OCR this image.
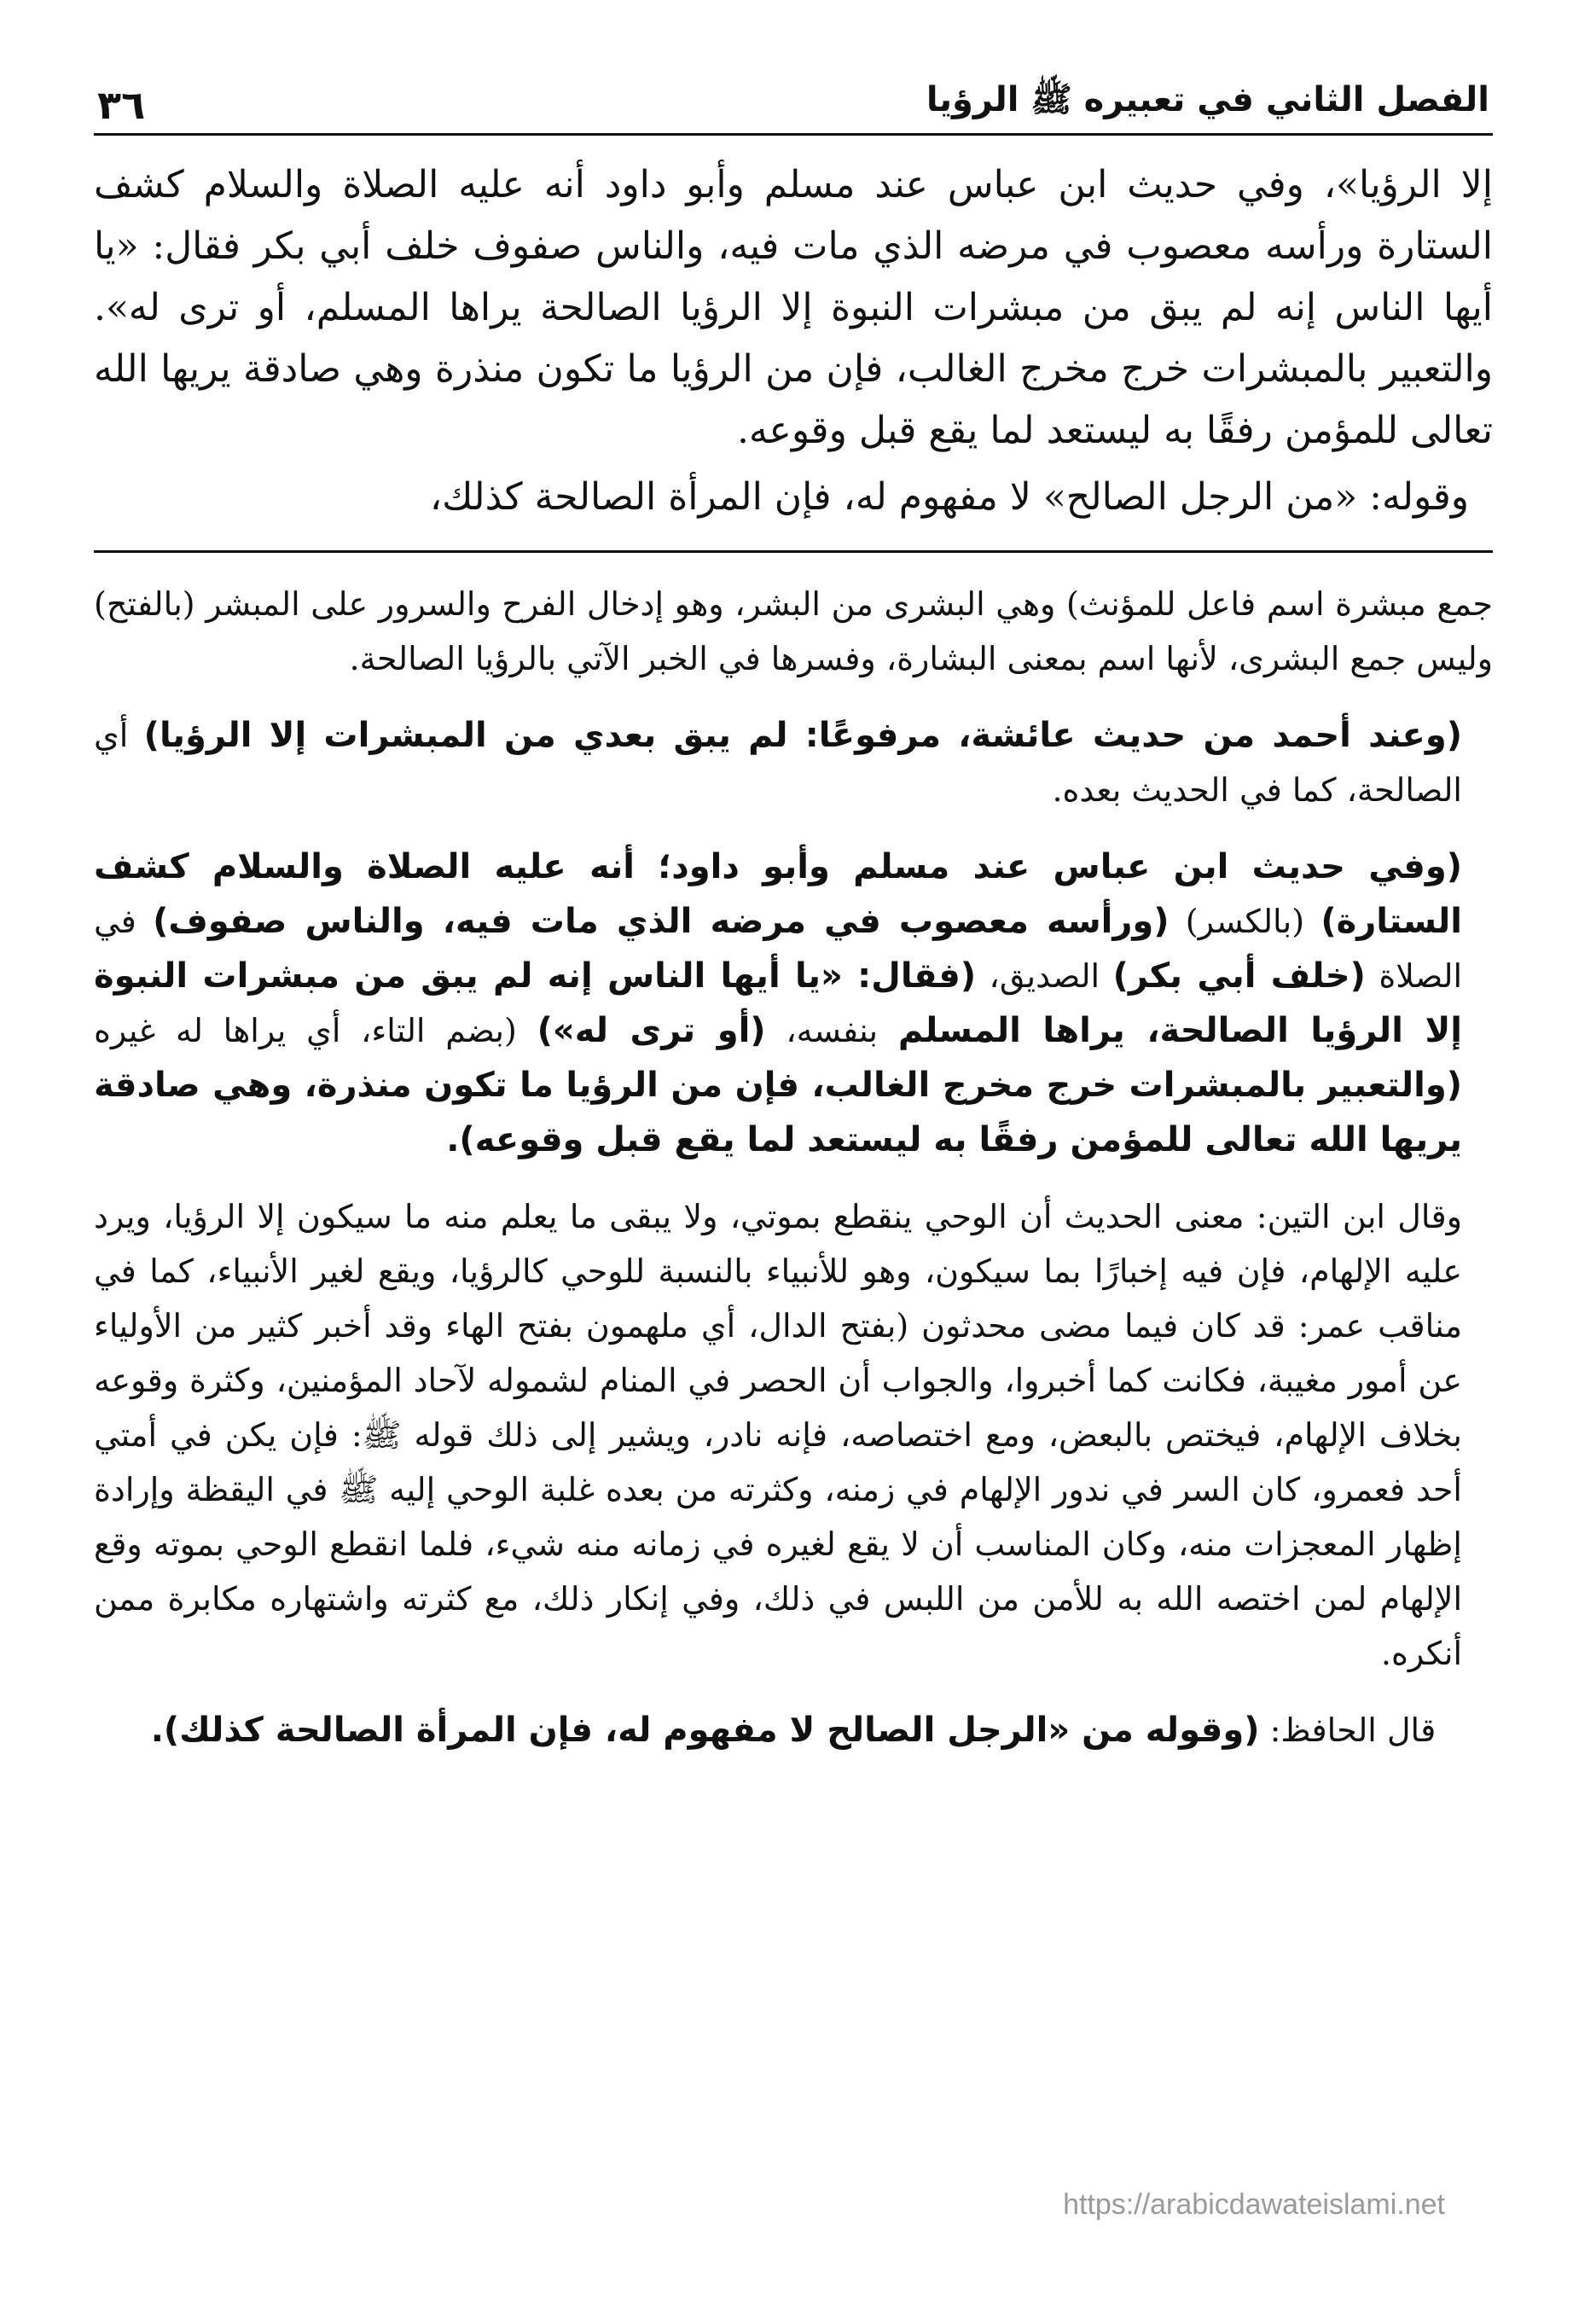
الفصل الثاني في تعبيره ﷺ الرؤيا
٣٦

إلا الرؤيا»، وفي حديث ابن عباس عند مسلم وأبو داود أنه عليه الصلاة والسلام كشف الستارة ورأسه معصوب في مرضه الذي مات فيه، والناس صفوف خلف أبي بكر فقال: «يا أيها الناس إنه لم يبق من مبشرات النبوة إلا الرؤيا الصالحة يراها المسلم، أو ترى له». والتعبير بالمبشرات خرج مخرج الغالب، فإن من الرؤيا ما تكون منذرة وهي صادقة يريها الله تعالى للمؤمن رفقًا به ليستعد لما يقع قبل وقوعه.

وقوله: «من الرجل الصالح» لا مفهوم له، فإن المرأة الصالحة كذلك،

جمع مبشرة اسم فاعل للمؤنث) وهي البشرى من البشر، وهو إدخال الفرح والسرور على المبشر (بالفتح) وليس جمع البشرى، لأنها اسم بمعنى البشارة، وفسرها في الخبر الآتي بالرؤيا الصالحة.

(وعند أحمد من حديث عائشة، مرفوعًا: لم يبق بعدي من المبشرات إلا الرؤيا) أي الصالحة، كما في الحديث بعده.

(وفي حديث ابن عباس عند مسلم وأبو داود؛ أنه عليه الصلاة والسلام كشف الستارة) (بالكسر) (ورأسه معصوب في مرضه الذي مات فيه، والناس صفوف) في الصلاة (خلف أبي بكر) الصديق، (فقال: «يا أيها الناس إنه لم يبق من مبشرات النبوة إلا الرؤيا الصالحة، يراها المسلم بنفسه، (أو ترى له») (بضم التاء، أي يراها له غيره (والتعبير بالمبشرات خرج مخرج الغالب، فإن من الرؤيا ما تكون منذرة، وهي صادقة يريها الله تعالى للمؤمن رفقًا به ليستعد لما يقع قبل وقوعه).

وقال ابن التين: معنى الحديث أن الوحي ينقطع بموتي، ولا يبقى ما يعلم منه ما سيكون إلا الرؤيا، ويرد عليه الإلهام، فإن فيه إخبارًا بما سيكون، وهو للأنبياء بالنسبة للوحي كالرؤيا، ويقع لغير الأنبياء، كما في مناقب عمر: قد كان فيما مضى محدثون (بفتح الدال، أي ملهمون بفتح الهاء وقد أخبر كثير من الأولياء عن أمور مغيبة، فكانت كما أخبروا، والجواب أن الحصر في المنام لشموله لآحاد المؤمنين، وكثرة وقوعه بخلاف الإلهام، فيختص بالبعض، ومع اختصاصه، فإنه نادر، ويشير إلى ذلك قوله ﷺ: فإن يكن في أمتي أحد فعمرو، كان السر في ندور الإلهام في زمنه، وكثرته من بعده غلبة الوحي إليه ﷺ في اليقظة وإرادة إظهار المعجزات منه، وكان المناسب أن لا يقع لغيره في زمانه منه شيء، فلما انقطع الوحي بموته وقع الإلهام لمن اختصه الله به للأمن من اللبس في ذلك، وفي إنكار ذلك، مع كثرته واشتهاره مكابرة ممن أنكره.

قال الحافظ: (وقوله من «الرجل الصالح لا مفهوم له، فإن المرأة الصالحة كذلك).

https://arabicdawateislami.net
